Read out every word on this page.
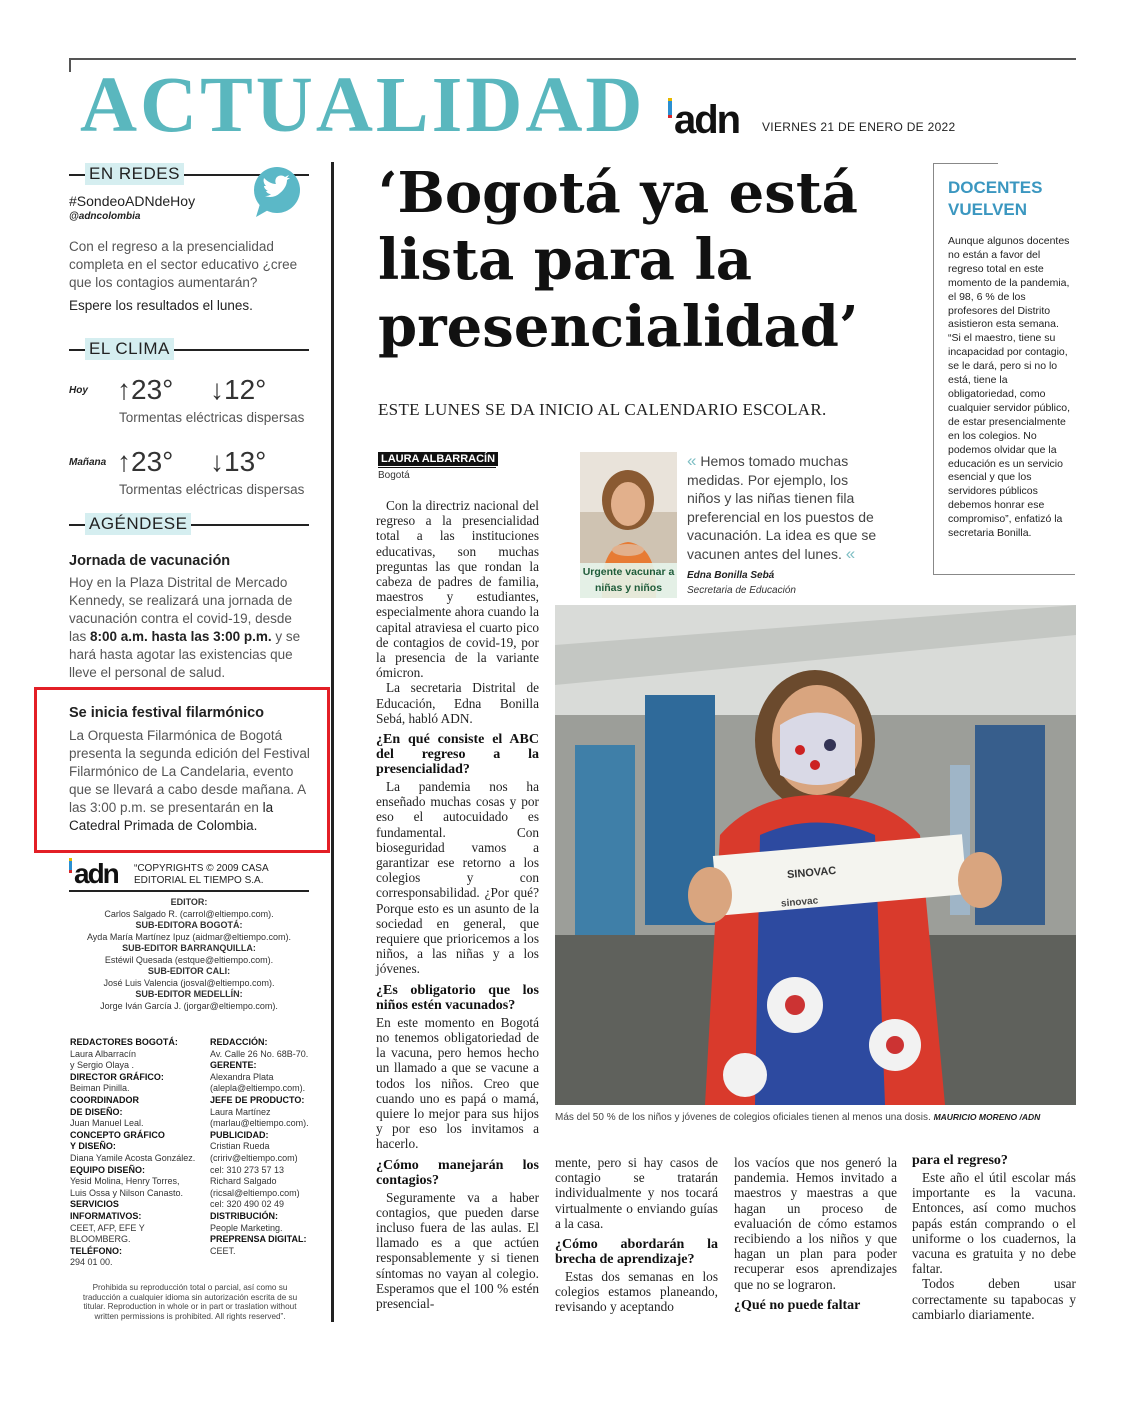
ACTUALIDAD adn VIERNES 21 DE ENERO DE 2022
EN REDES
#SondeoADNdeHoy
@adncolombia
Con el regreso a la presencialidad completa en el sector educativo ¿cree que los contagios aumentarán?
Espere los resultados el lunes.
EL CLIMA
Hoy ↑23° ↓12°
Tormentas eléctricas dispersas
Mañana ↑23° ↓13°
Tormentas eléctricas dispersas
AGÉNDESE
Jornada de vacunación
Hoy en la Plaza Distrital de Mercado Kennedy, se realizará una jornada de vacunación contra el covid-19, desde las 8:00 a.m. hasta las 3:00 p.m. y se hará hasta agotar las existencias que lleve el personal de salud.
Se inicia festival filarmónico
La Orquesta Filarmónica de Bogotá presenta la segunda edición del Festival Filarmónico de La Candelaria, evento que se llevará a cabo desde mañana. A las 3:00 p.m. se presentarán en la Catedral Primada de Colombia.
adn “COPYRIGHTS © 2009 CASA EDITORIAL EL TIEMPO S.A.
EDITOR:
Carlos Salgado R. (carrol@eltiempo.com).
SUB-EDITORA BOGOTÁ:
Ayda María Martínez Ipuz (aidmar@eltiempo.com).
SUB-EDITOR BARRANQUILLA:
Estéwil Quesada (estque@eltiempo.com).
SUB-EDITOR CALI:
José Luis Valencia (josval@eltiempo.com).
SUB-EDITOR MEDELLÍN:
Jorge Iván García J. (jorgar@eltiempo.com).
REDACTORES BOGOTÁ:
Laura Albarracín
y Sergio Olaya .
DIRECTOR GRÁFICO:
Beiman Pinilla.
COORDINADOR
DE DISEÑO:
Juan Manuel Leal.
CONCEPTO GRÁFICO
Y DISEÑO:
Diana Yamile Acosta González.
EQUIPO DISEÑO:
Yesid Molina, Henry Torres,
Luis Ossa y Nilson Canasto.
SERVICIOS
INFORMATIVOS:
CEET, AFP, EFE Y BLOOMBERG.
TELÉFONO:
294 01 00.
REDACCIÓN:
Av. Calle 26 No. 68B-70.
GERENTE:
Alexandra Plata
(alepla@eltiempo.com).
JEFE DE PRODUCTO:
Laura Martínez
(marlau@eltiempo.com).
PUBLICIDAD:
Cristian Rueda
(cririv@eltiempo.com)
cel: 310 273 57 13
Richard Salgado
(ricsal@eltiempo.com)
cel: 320 490 02 49
DISTRIBUCIÓN:
People Marketing.
PREPRENSA DIGITAL:
CEET.
Prohibida su reproducción total o parcial, así como su traducción a cualquier idioma sin autorización escrita de su titular. Reproduction in whole or in part or traslation without written permissions is prohibited. All rights reserved”.
‘Bogotá ya está lista para la presencialidad’
ESTE LUNES SE DA INICIO AL CALENDARIO ESCOLAR.
LAURA ALBARRACÍN
Bogotá
Urgente vacunar a niñas y niños
« Hemos tomado muchas medidas. Por ejemplo, los niños y las niñas tienen fila preferencial en los puestos de vacunación. La idea es que se vacunen antes del lunes. «
Edna Bonilla Sebá
Secretaria de Educación
DOCENTES VUELVEN
Aunque algunos docentes no están a favor del regreso total en este momento de la pandemia, el 98, 6 % de los profesores del Distrito asistieron esta semana. “Si el maestro, tiene su incapacidad por contagio, se le dará, pero si no lo está, tiene la obligatoriedad, como cualquier servidor público, de estar presencialmente en los colegios. No podemos olvidar que la educación es un servicio esencial y que los servidores públicos debemos honrar ese compromiso”, enfatizó la secretaria Bonilla.

Con la directriz nacional del regreso a la presencialidad total a las instituciones educativas, son muchas preguntas las que rondan la cabeza de padres de familia, maestros y estudiantes, especialmente ahora cuando la capital atraviesa el cuarto pico de contagios de covid-19, por la presencia de la variante ómicron.

La secretaria Distrital de Educación, Edna Bonilla Sebá, habló ADN.

¿En qué consiste el ABC del regreso a la presencialidad?

La pandemia nos ha enseñado muchas cosas y por eso el autocuidado es fundamental. Con bioseguridad vamos a garantizar ese retorno a los colegios y con corresponsabilidad. ¿Por qué? Porque esto es un asunto de la sociedad en general, que requiere que prioricemos a los niños, a las niñas y a los jóvenes.

¿Es obligatorio que los niños estén vacunados?

En este momento en Bogotá no tenemos obligatoriedad de la vacuna, pero hemos hecho un llamado a que se vacune a todos los niños. Creo que cuando uno es papá o mamá, quiere lo mejor para sus hijos y por eso los invitamos a hacerlo.

¿Cómo manejarán los contagios?

Seguramente va a haber contagios, que pueden darse incluso fuera de las aulas. El llamado es a que actúen responsablemente y si tienen síntomas no vayan al colegio. Esperamos que el 100 % estén presencial-

SINOVAC
sinovac
Más del 50 % de los niños y jóvenes de colegios oficiales tienen al menos una dosis. MAURICIO MORENO /ADN

mente, pero si hay casos de contagio se tratarán individualmente y nos tocará virtualmente o enviando guías a la casa.

¿Cómo abordarán la brecha de aprendizaje?

Estas dos semanas en los colegios estamos planeando, revisando y aceptando

los vacíos que nos generó la pandemia. Hemos invitado a maestros y maestras a que hagan un proceso de evaluación de cómo estamos recibiendo a los niños y que hagan un plan para poder recuperar esos aprendizajes que no se lograron.

¿Qué no puede faltar
para el regreso?

Este año el útil escolar más importante es la vacuna. Entonces, así como muchos papás están comprando o el uniforme o los cuadernos, la vacuna es gratuita y no debe faltar.

Todos deben usar correctamente su tapabocas y cambiarlo diariamente.
